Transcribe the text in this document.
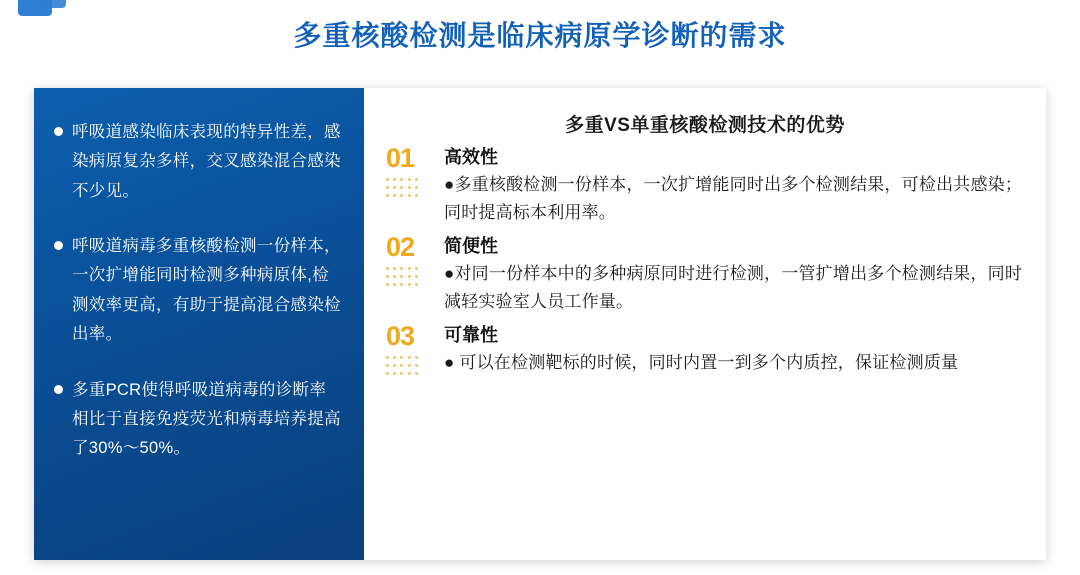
多重核酸检测是临床病原学诊断的需求
呼吸道感染临床表现的特异性差，感染病原复杂多样，交叉感染混合感染不少见。
呼吸道病毒多重核酸检测一份样本，一次扩增能同时检测多种病原体,检测效率更高，有助于提高混合感染检出率。
多重PCR使得呼吸道病毒的诊断率相比于直接免疫荧光和病毒培养提高了30%～50%。
多重VS单重核酸检测技术的优势
01	高效性
●多重核酸检测一份样本，一次扩增能同时出多个检测结果，可检出共感染；同时提高标本利用率。
02	简便性
●对同一份样本中的多种病原同时进行检测，一管扩增出多个检测结果，同时减轻实验室人员工作量。
03	可靠性
● 可以在检测靶标的时候，同时内置一到多个内质控，保证检测质量
